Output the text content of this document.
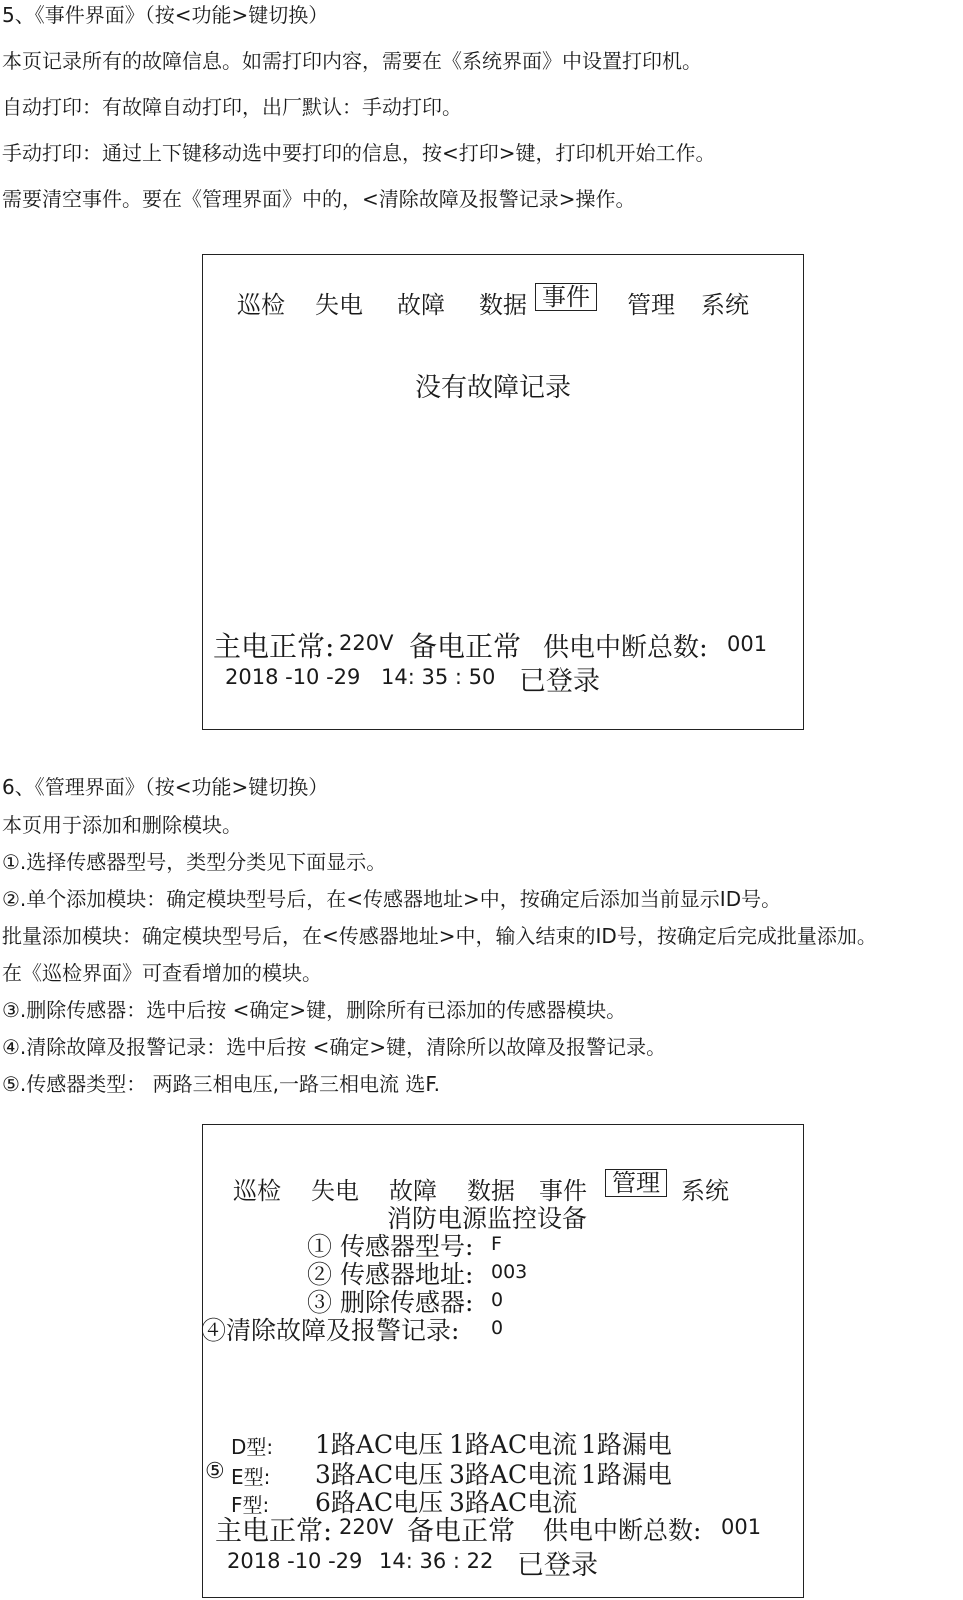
5、《事件界面》（按<功能>键切换）
本页记录所有的故障信息。如需打印内容，需要在《系统界面》中设置打印机。
自动打印：有故障自动打印，出厂默认：手动打印。
手动打印：通过上下键移动选中要打印的信息，按<打印>键，打印机开始工作。
需要清空事件。要在《管理界面》中的，<清除故障及报警记录>操作。
巡检 失电 故障 数据 事件 管理 系统
没有故障记录
主电正常: 220V 备电正常 供电中断总数: 001
2018 -10 -29 14: 35 : 50 已登录
6、《管理界面》（按<功能>键切换）
本页用于添加和删除模块。
①.选择传感器型号，类型分类见下面显示。
②.单个添加模块：确定模块型号后，在<传感器地址>中，按确定后添加当前显示ID号。
批量添加模块：确定模块型号后，在<传感器地址>中，输入结束的ID号，按确定后完成批量添加。
在《巡检界面》可查看增加的模块。
③.删除传感器：选中后按 <确定>键，删除所有已添加的传感器模块。
④.清除故障及报警记录：选中后按 <确定>键，清除所以故障及报警记录。
⑤.传感器类型： 两路三相电压,一路三相电流 选F.
巡检 失电 故障 数据 事件 管理 系统
消防电源监控设备
① 传感器型号: F
② 传感器地址: 003
③ 删除传感器: 0
④清除故障及报警记录: 0
⑤
D型: 1路AC电压 1路AC电流 1路漏电
E型: 3路AC电压 3路AC电流 1路漏电
F型: 6路AC电压 3路AC电流
主电正常: 220V 备电正常 供电中断总数: 001
2018 -10 -29 14: 36 : 22 已登录
